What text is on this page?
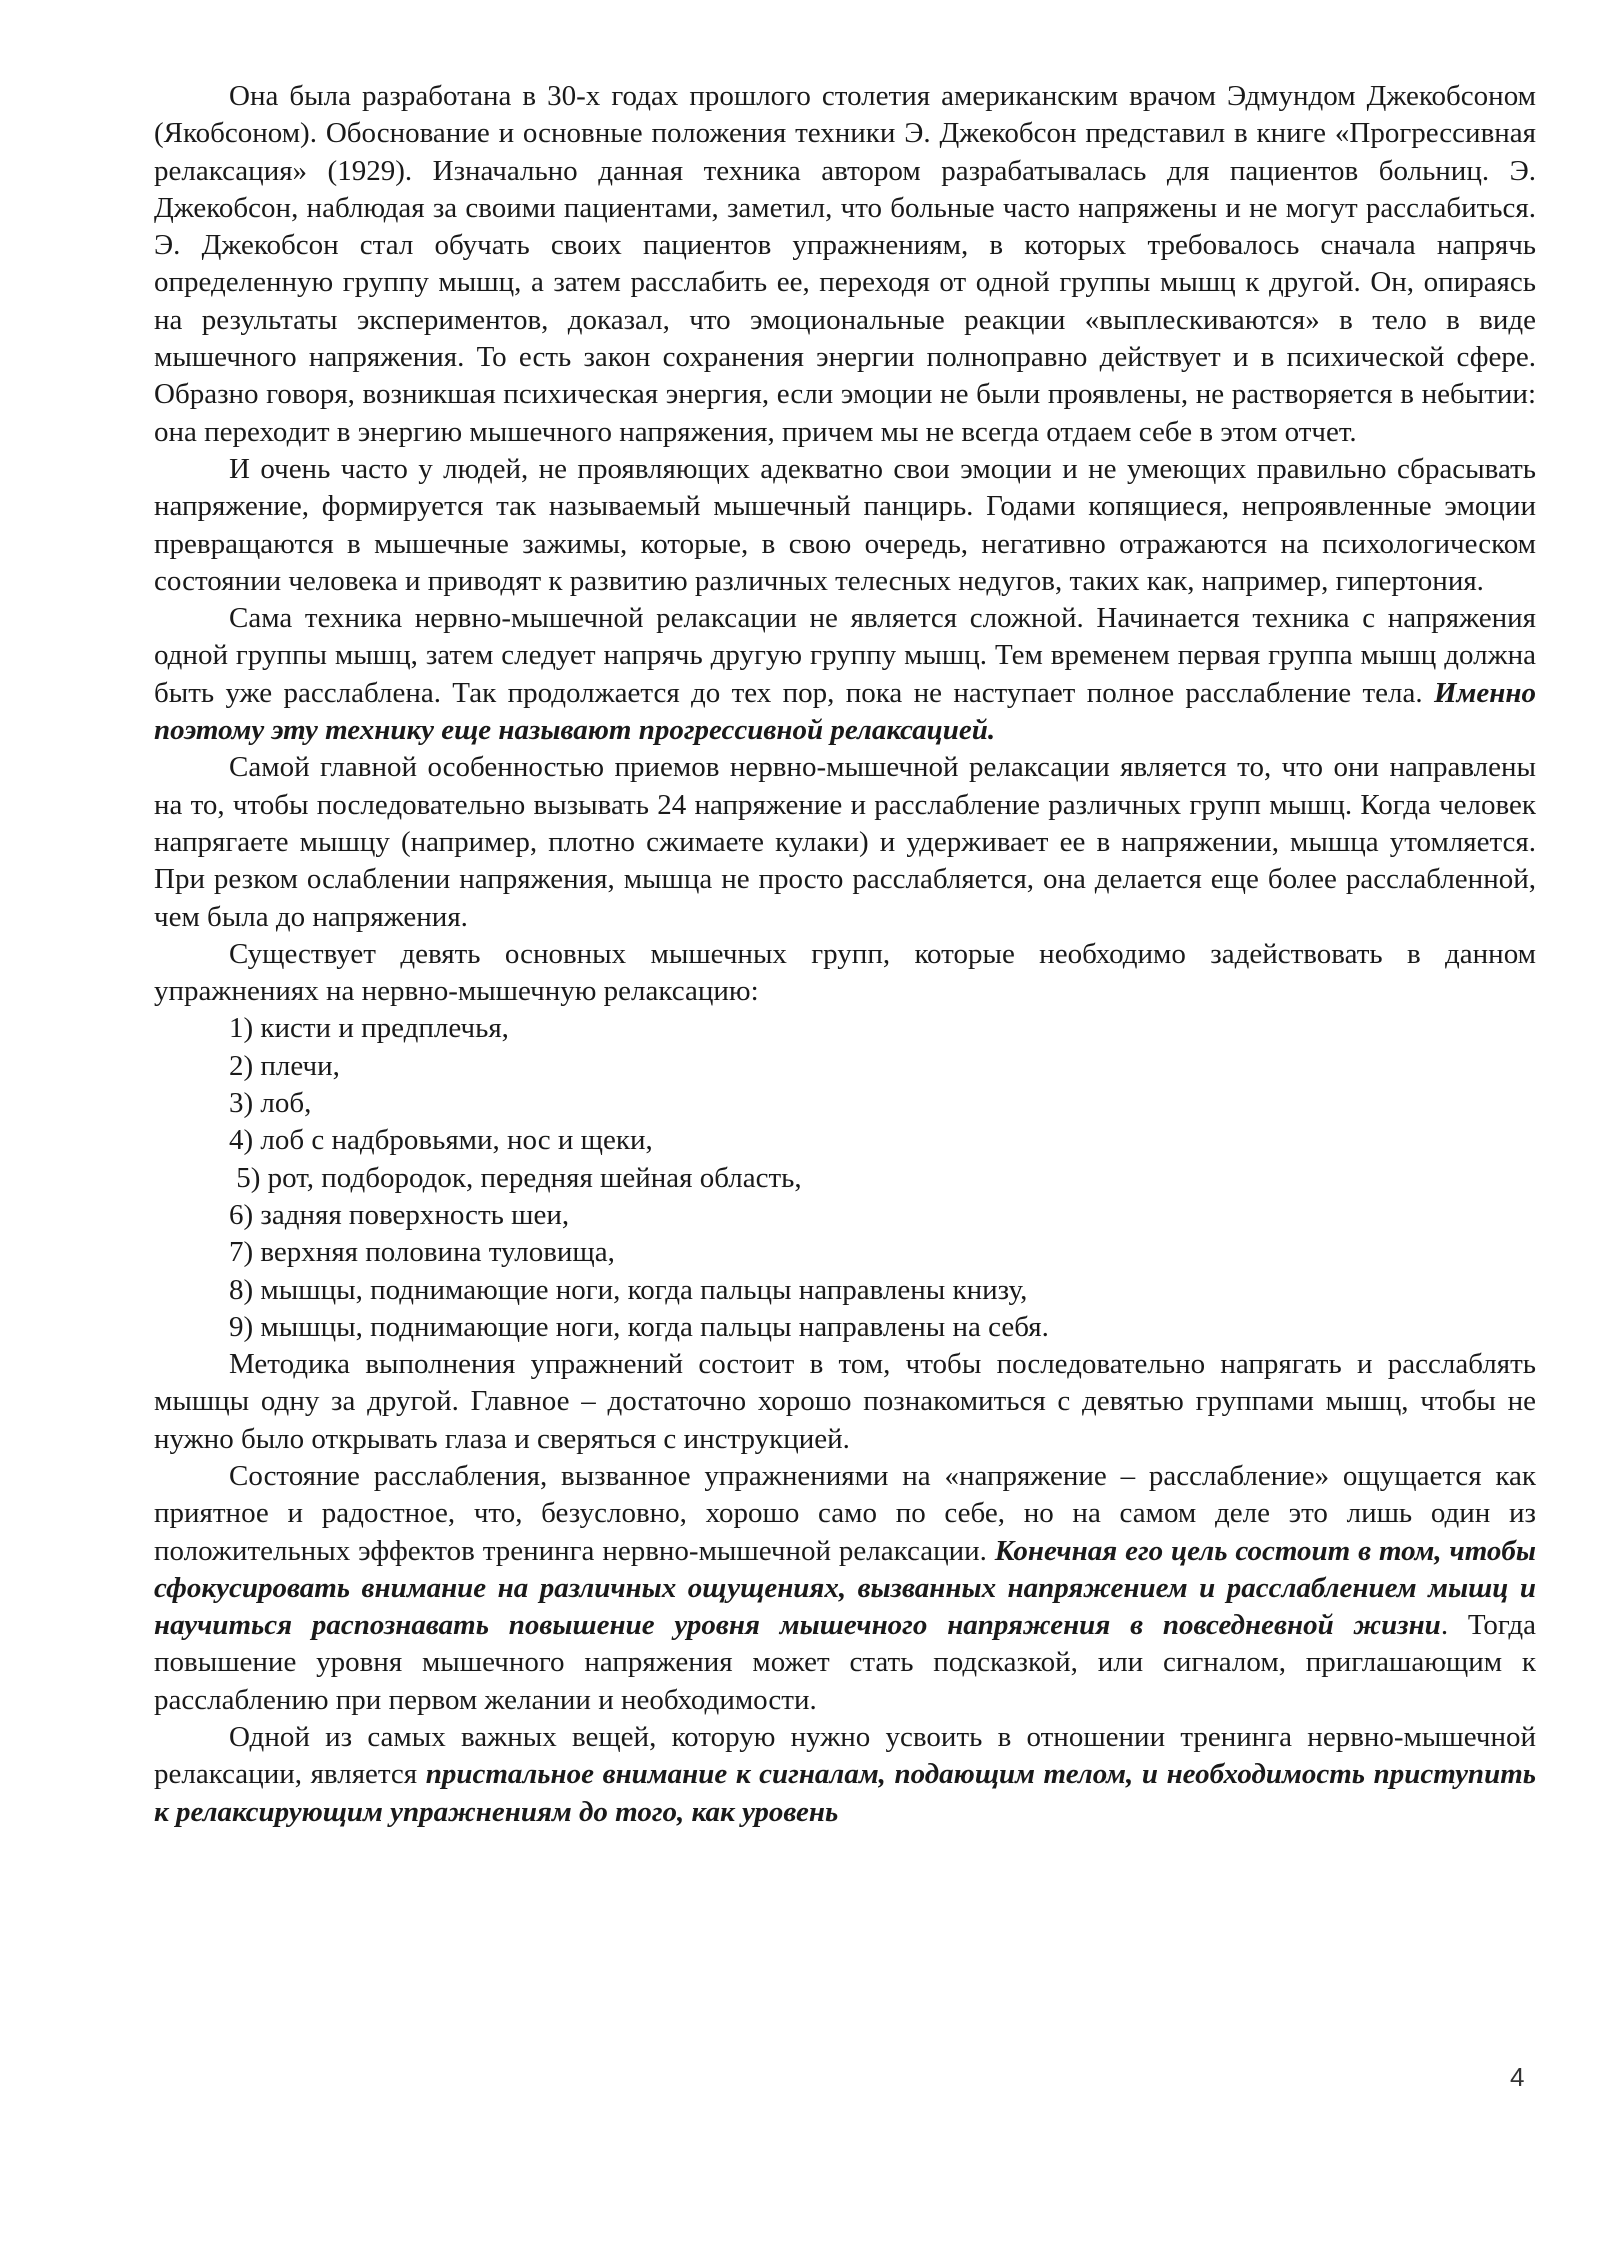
Она была разработана в 30-х годах прошлого столетия американским врачом Эдмундом Джекобсоном (Якобсоном). Обоснование и основные положения техники Э. Джекобсон представил в книге «Прогрессивная релаксация» (1929). Изначально данная техника автором разрабатывалась для пациентов больниц. Э. Джекобсон, наблюдая за своими пациентами, заметил, что больные часто напряжены и не могут расслабиться. Э. Джекобсон стал обучать своих пациентов упражнениям, в которых требовалось сначала напрячь определенную группу мышц, а затем расслабить ее, переходя от одной группы мышц к другой. Он, опираясь на результаты экспериментов, доказал, что эмоциональные реакции «выплескиваются» в тело в виде мышечного напряжения. То есть закон сохранения энергии полноправно действует и в психической сфере. Образно говоря, возникшая психическая энергия, если эмоции не были проявлены, не растворяется в небытии: она переходит в энергию мышечного напряжения, причем мы не всегда отдаем себе в этом отчет.

И очень часто у людей, не проявляющих адекватно свои эмоции и не умеющих правильно сбрасывать напряжение, формируется так называемый мышечный панцирь. Годами копящиеся, непроявленные эмоции превращаются в мышечные зажимы, которые, в свою очередь, негативно отражаются на психологическом состоянии человека и приводят к развитию различных телесных недугов, таких как, например, гипертония.

Сама техника нервно-мышечной релаксации не является сложной. Начинается техника с напряжения одной группы мышц, затем следует напрячь другую группу мышц. Тем временем первая группа мышц должна быть уже расслаблена. Так продолжается до тех пор, пока не наступает полное расслабление тела. Именно поэтому эту технику еще называют прогрессивной релаксацией.

Самой главной особенностью приемов нервно-мышечной релаксации является то, что они направлены на то, чтобы последовательно вызывать 24 напряжение и расслабление различных групп мышц. Когда человек напрягаете мышцу (например, плотно сжимаете кулаки) и удерживает ее в напряжении, мышца утомляется. При резком ослаблении напряжения, мышца не просто расслабляется, она делается еще более расслабленной, чем была до напряжения.

Существует девять основных мышечных групп, которые необходимо задействовать в данном упражнениях на нервно-мышечную релаксацию:

1) кисти и предплечья,
2) плечи,
3) лоб,
4) лоб с надбровьями, нос и щеки,
5) рот, подбородок, передняя шейная область,
6) задняя поверхность шеи,
7) верхняя половина туловища,
8) мышцы, поднимающие ноги, когда пальцы направлены книзу,
9) мышцы, поднимающие ноги, когда пальцы направлены на себя.

Методика выполнения упражнений состоит в том, чтобы последовательно напрягать и расслаблять мышцы одну за другой. Главное – достаточно хорошо познакомиться с девятью группами мышц, чтобы не нужно было открывать глаза и сверяться с инструкцией.

Состояние расслабления, вызванное упражнениями на «напряжение – расслабление» ощущается как приятное и радостное, что, безусловно, хорошо само по себе, но на самом деле это лишь один из положительных эффектов тренинга нервно-мышечной релаксации. Конечная его цель состоит в том, чтобы сфокусировать внимание на различных ощущениях, вызванных напряжением и расслаблением мышц и научиться распознавать повышение уровня мышечного напряжения в повседневной жизни. Тогда повышение уровня мышечного напряжения может стать подсказкой, или сигналом, приглашающим к расслаблению при первом желании и необходимости.

Одной из самых важных вещей, которую нужно усвоить в отношении тренинга нервно-мышечной релаксации, является пристальное внимание к сигналам, подающим телом, и необходимость приступить к релаксирующим упражнениям до того, как уровень

4
